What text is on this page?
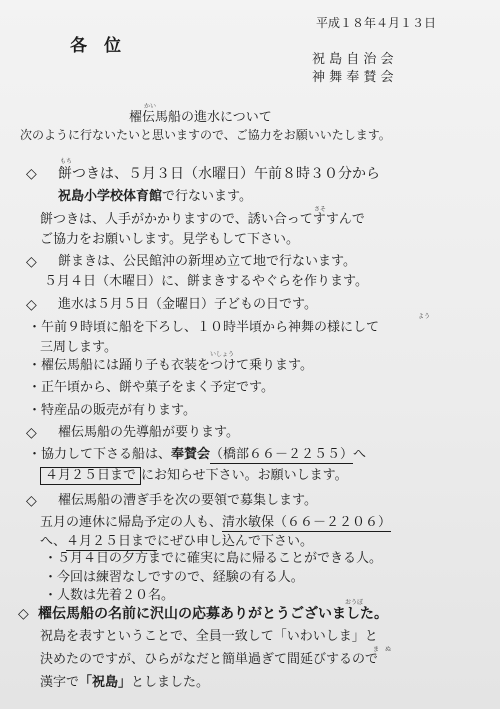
平成１８年４月１３日
各　位
祝 島 自 治 会
神 舞 奉 賛 会
かい
櫂伝馬船の進水について
次のように行ないたいと思いますので、ご協力をお願いいたします。
もち
◇ 餅つきは、５月３日（水曜日）午前８時３０分から
祝島小学校体育館で行ないます。
さそ
餅つきは、人手がかかりますので、誘い合ってすすんで
ご協力をお願いします。見学もして下さい。
◇ 餅まきは、公民館沖の新埋め立て地で行ないます。
５月４日（木曜日）に、餅まきするやぐらを作ります。
◇ 進水は５月５日（金曜日）子どもの日です。
よう
・午前９時頃に船を下ろし、１０時半頃から神舞の様にして
三周します。	いしょう
・櫂伝馬船には踊り子も衣装をつけて乗ります。
・正午頃から、餅や菓子をまく予定です。
・特産品の販売が有ります。
◇ 櫂伝馬船の先導船が要ります。
・協力して下さる船は、奉賛会（橋部６６－２２５５）へ
４月２５日まで にお知らせ下さい。お願いします。
◇ 櫂伝馬船の漕ぎ手を次の要領で募集します。
五月の連休に帰島予定の人も、清水敏保（６６－２２０６）
へ、４月２５日までにぜひ申し込んで下さい。
・５月４日の夕方までに確実に島に帰ることができる人。
・今回は練習なしですので、経験の有る人。
・人数は先着２０名。	おうぼ
◇ 櫂伝馬船の名前に沢山の応募ありがとうございました。
祝島を表すということで、全員一致して「いわいしま」と
ま ぬ
決めたのですが、ひらがなだと簡単過ぎて間延びするので
漢字で「祝島」としました。
